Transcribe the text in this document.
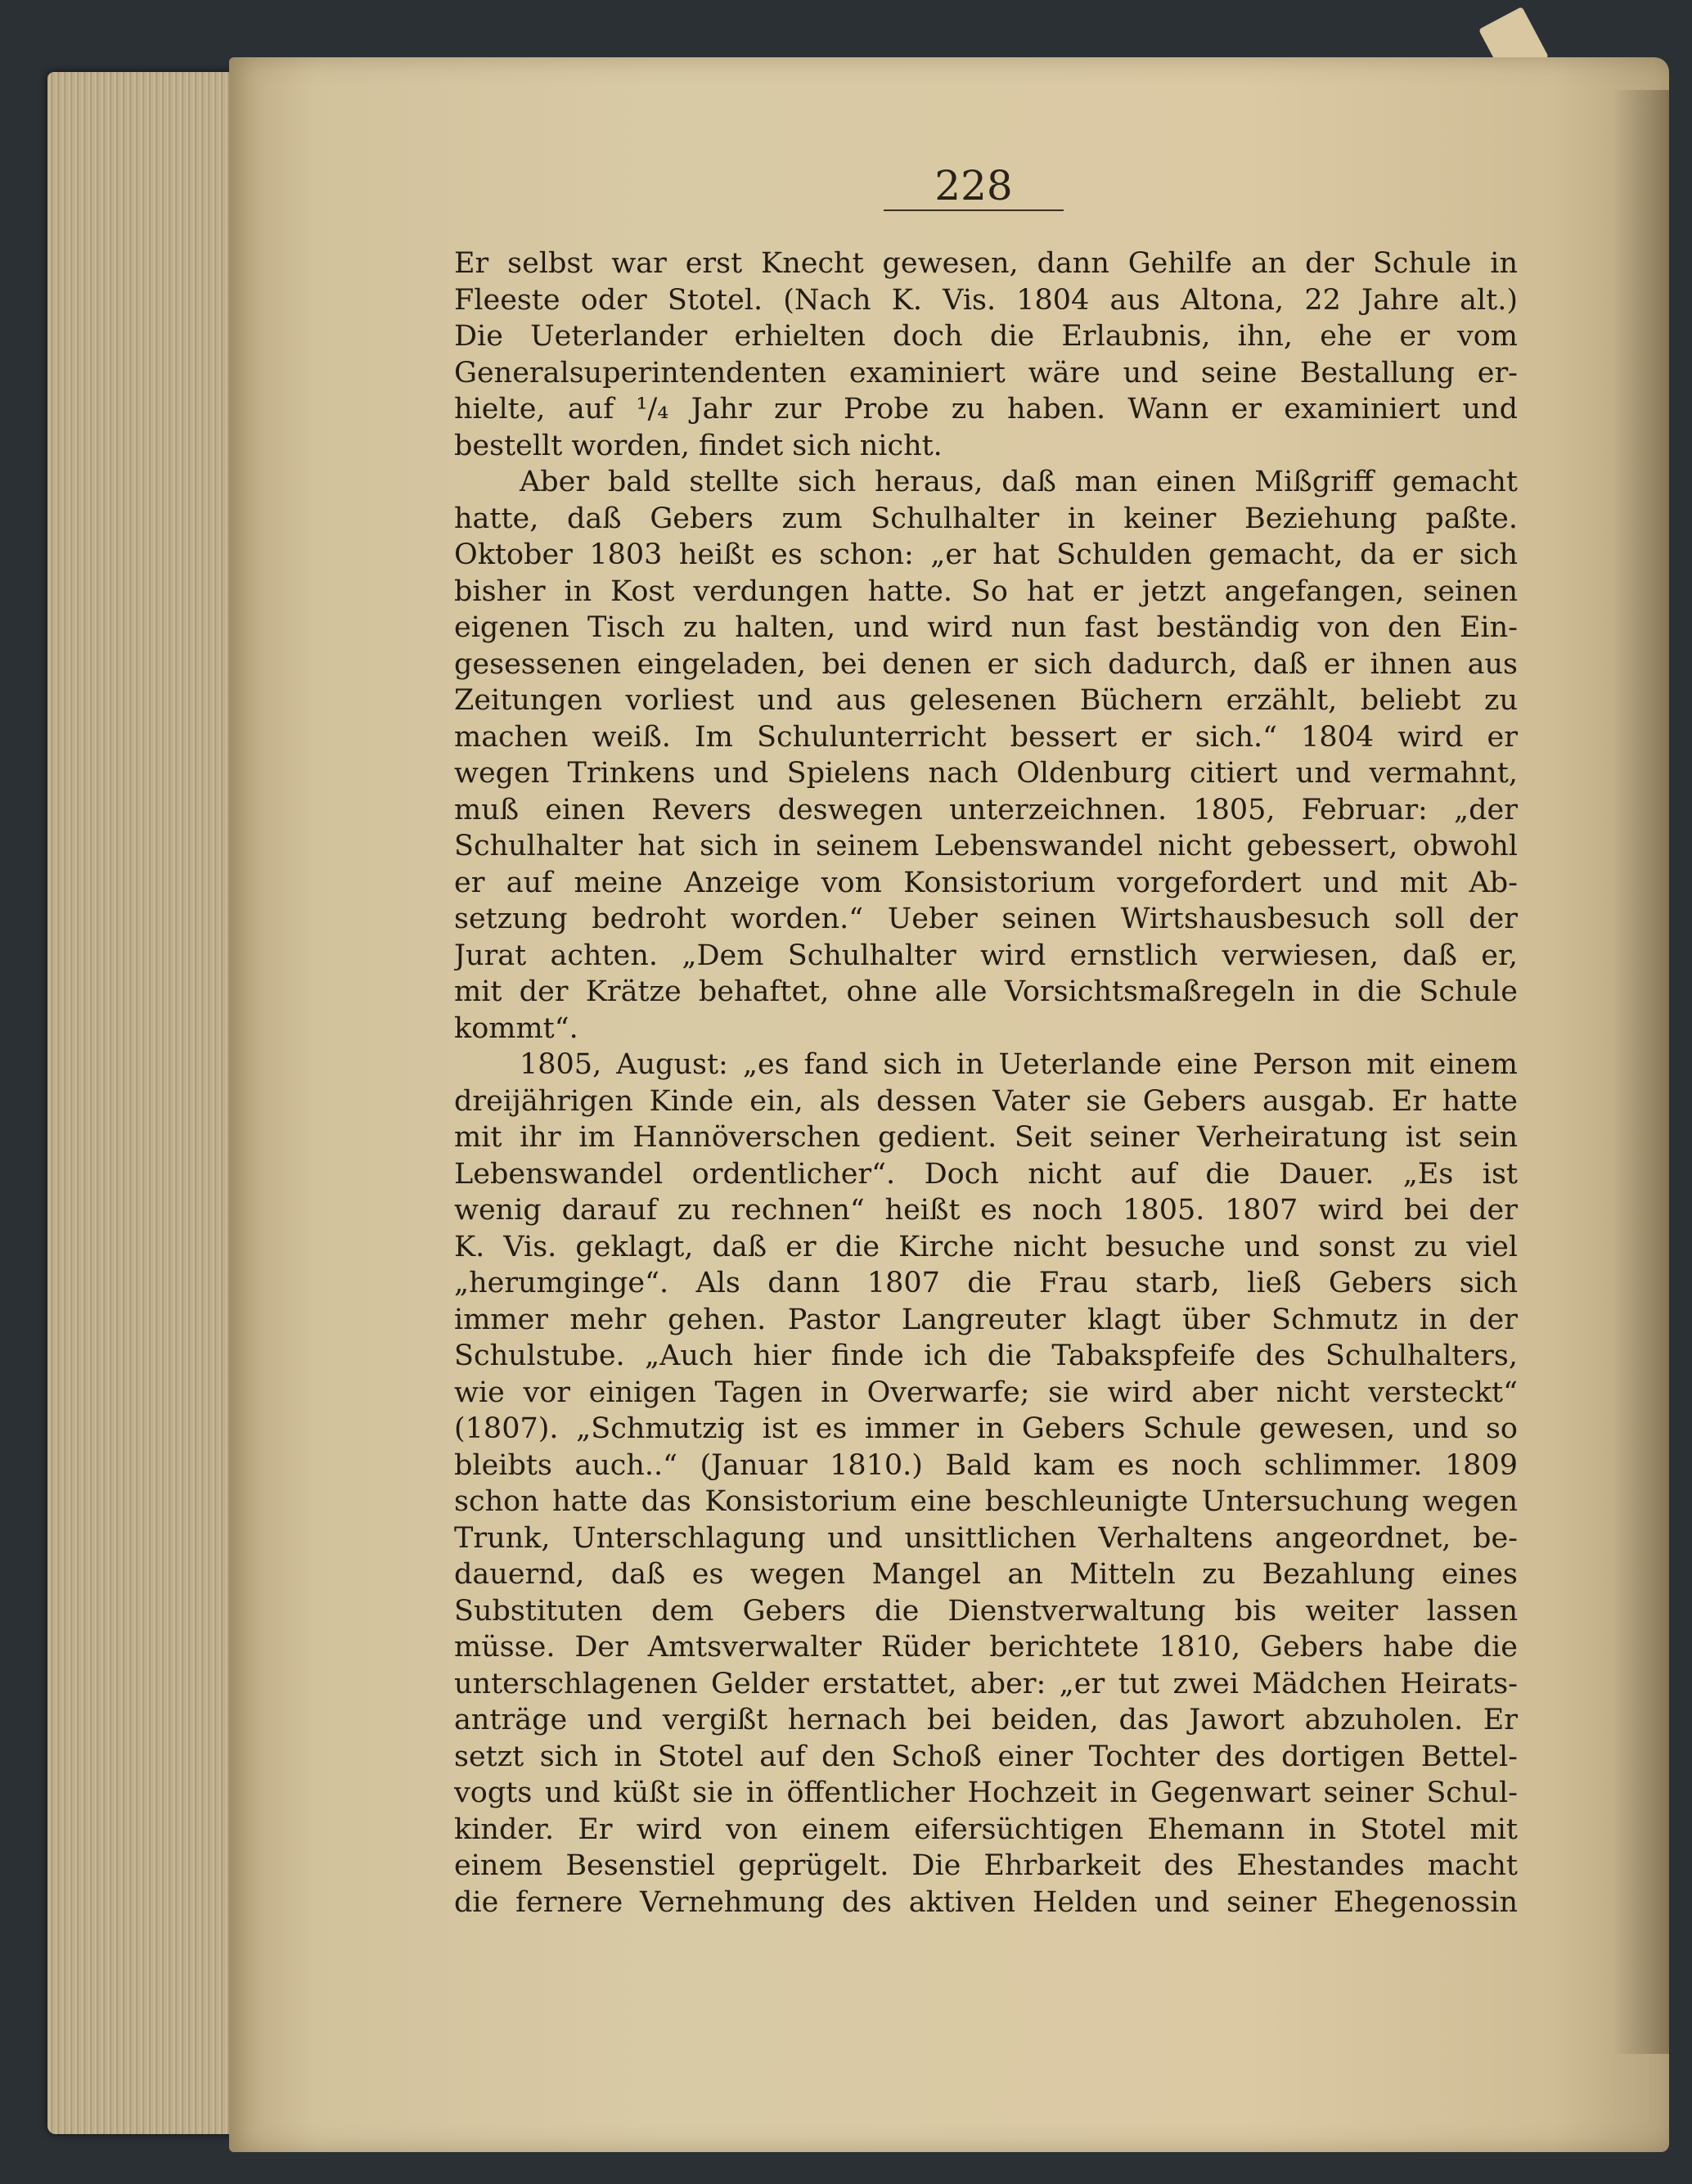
228
Er selbst war erst Knecht gewesen, dann Gehilfe an der Schule in
Fleeste oder Stotel. (Nach K. Vis. 1804 aus Altona, 22 Jahre alt.)
Die Ueterlander erhielten doch die Erlaubnis, ihn, ehe er vom
Generalsuperintendenten examiniert wäre und seine Bestallung er-
hielte, auf ¹/₄ Jahr zur Probe zu haben. Wann er examiniert und
bestellt worden, findet sich nicht.
Aber bald stellte sich heraus, daß man einen Mißgriff gemacht
hatte, daß Gebers zum Schulhalter in keiner Beziehung paßte.
Oktober 1803 heißt es schon: „er hat Schulden gemacht, da er sich
bisher in Kost verdungen hatte. So hat er jetzt angefangen, seinen
eigenen Tisch zu halten, und wird nun fast beständig von den Ein-
gesessenen eingeladen, bei denen er sich dadurch, daß er ihnen aus
Zeitungen vorliest und aus gelesenen Büchern erzählt, beliebt zu
machen weiß. Im Schulunterricht bessert er sich.“ 1804 wird er
wegen Trinkens und Spielens nach Oldenburg citiert und vermahnt,
muß einen Revers deswegen unterzeichnen. 1805, Februar: „der
Schulhalter hat sich in seinem Lebenswandel nicht gebessert, obwohl
er auf meine Anzeige vom Konsistorium vorgefordert und mit Ab-
setzung bedroht worden.“ Ueber seinen Wirtshausbesuch soll der
Jurat achten. „Dem Schulhalter wird ernstlich verwiesen, daß er,
mit der Krätze behaftet, ohne alle Vorsichtsmaßregeln in die Schule
kommt“.
1805, August: „es fand sich in Ueterlande eine Person mit einem
dreijährigen Kinde ein, als dessen Vater sie Gebers ausgab. Er hatte
mit ihr im Hannöverschen gedient. Seit seiner Verheiratung ist sein
Lebenswandel ordentlicher“. Doch nicht auf die Dauer. „Es ist
wenig darauf zu rechnen“ heißt es noch 1805. 1807 wird bei der
K. Vis. geklagt, daß er die Kirche nicht besuche und sonst zu viel
„herumginge“. Als dann 1807 die Frau starb, ließ Gebers sich
immer mehr gehen. Pastor Langreuter klagt über Schmutz in der
Schulstube. „Auch hier finde ich die Tabakspfeife des Schulhalters,
wie vor einigen Tagen in Overwarfe; sie wird aber nicht versteckt“
(1807). „Schmutzig ist es immer in Gebers Schule gewesen, und so
bleibts auch..“ (Januar 1810.) Bald kam es noch schlimmer. 1809
schon hatte das Konsistorium eine beschleunigte Untersuchung wegen
Trunk, Unterschlagung und unsittlichen Verhaltens angeordnet, be-
dauernd, daß es wegen Mangel an Mitteln zu Bezahlung eines
Substituten dem Gebers die Dienstverwaltung bis weiter lassen
müsse. Der Amtsverwalter Rüder berichtete 1810, Gebers habe die
unterschlagenen Gelder erstattet, aber: „er tut zwei Mädchen Heirats-
anträge und vergißt hernach bei beiden, das Jawort abzuholen. Er
setzt sich in Stotel auf den Schoß einer Tochter des dortigen Bettel-
vogts und küßt sie in öffentlicher Hochzeit in Gegenwart seiner Schul-
kinder. Er wird von einem eifersüchtigen Ehemann in Stotel mit
einem Besenstiel geprügelt. Die Ehrbarkeit des Ehestandes macht
die fernere Vernehmung des aktiven Helden und seiner Ehegenossin
